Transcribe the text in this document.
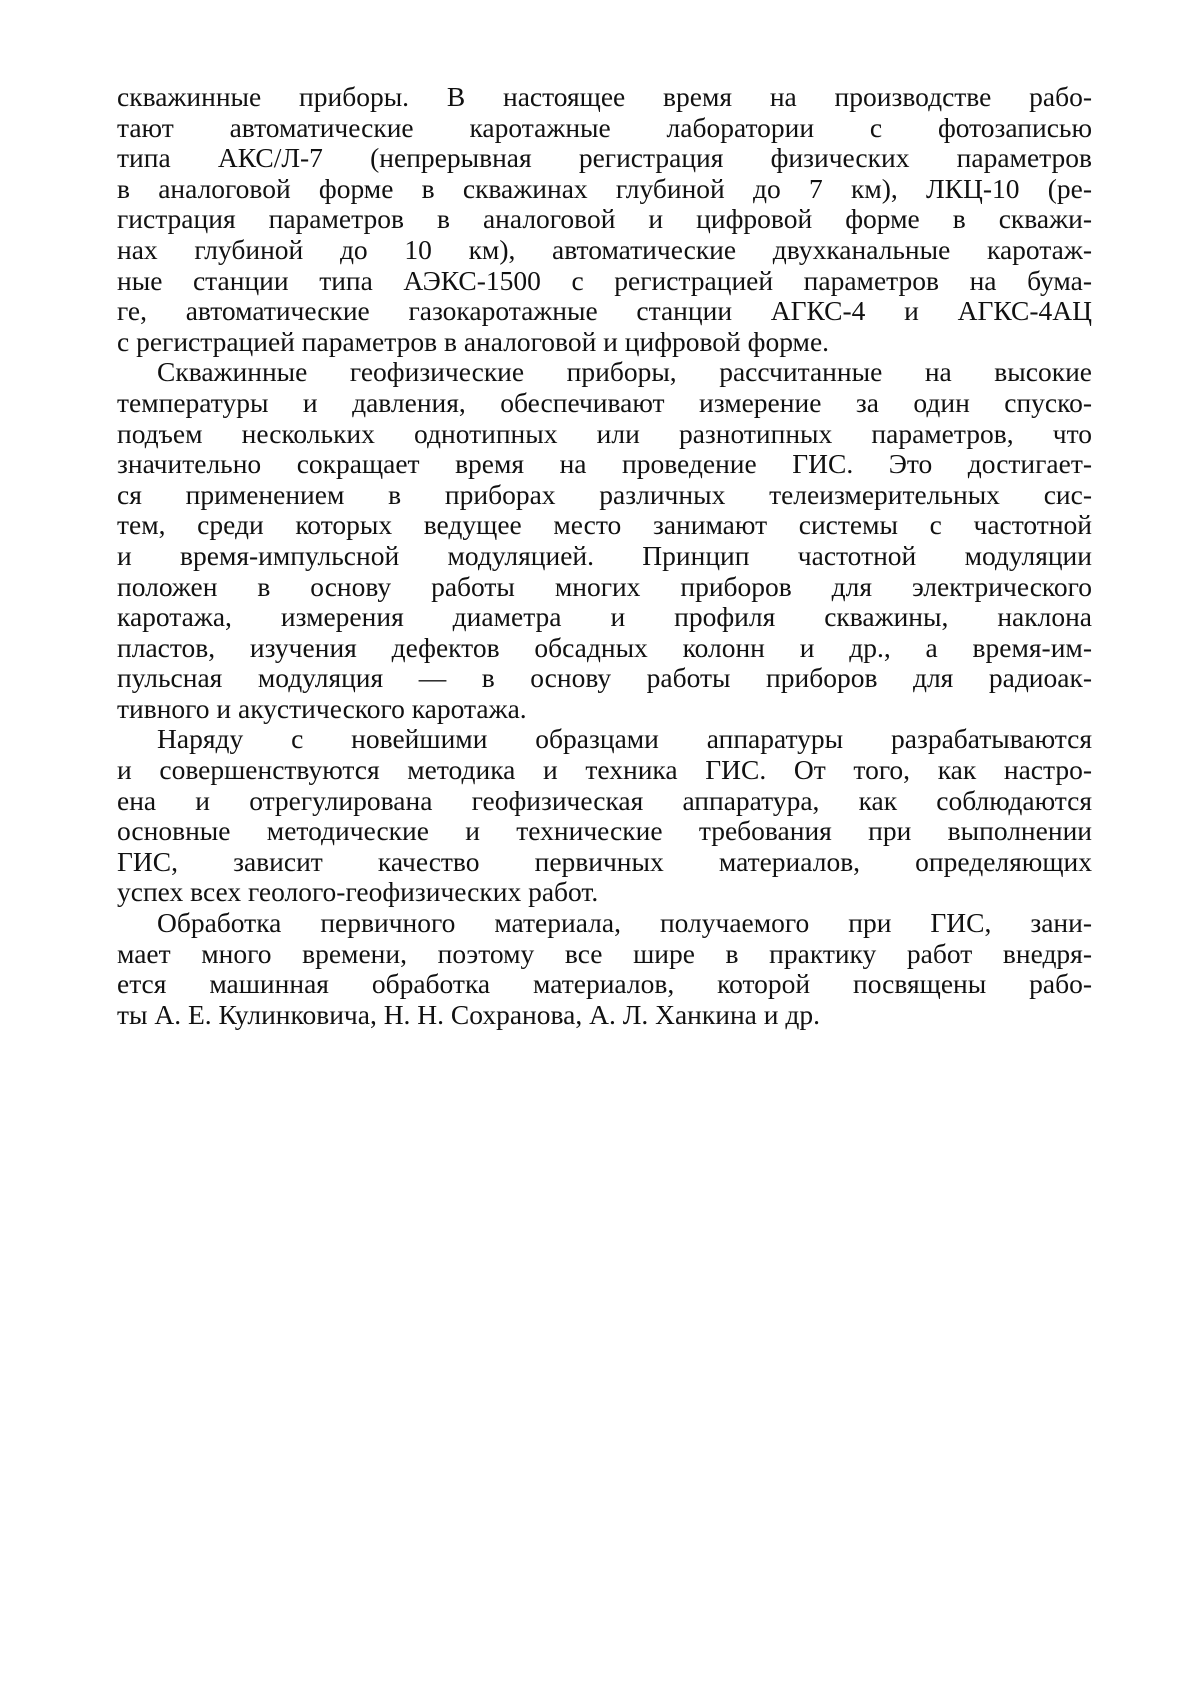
скважинные приборы. В настоящее время на производстве рабо-
тают автоматические каротажные лаборатории с фотозаписью
типа АКС/Л-7 (непрерывная регистрация физических параметров
в аналоговой форме в скважинах глубиной до 7 км), ЛКЦ-10 (ре-
гистрация параметров в аналоговой и цифровой форме в скважи-
нах глубиной до 10 км), автоматические двухканальные каротаж-
ные станции типа АЭКС-1500 с регистрацией параметров на бума-
ге, автоматические газокаротажные станции АГКС-4 и АГКС-4АЦ
с регистрацией параметров в аналоговой и цифровой форме.

Скважинные геофизические приборы, рассчитанные на высокие
температуры и давления, обеспечивают измерение за один спуско-
подъем нескольких однотипных или разнотипных параметров, что
значительно сокращает время на проведение ГИС. Это достигает-
ся применением в приборах различных телеизмерительных сис-
тем, среди которых ведущее место занимают системы с частотной
и время-импульсной модуляцией. Принцип частотной модуляции
положен в основу работы многих приборов для электрического
каротажа, измерения диаметра и профиля скважины, наклона
пластов, изучения дефектов обсадных колонн и др., а время-им-
пульсная модуляция — в основу работы приборов для радиоак-
тивного и акустического каротажа.

Наряду с новейшими образцами аппаратуры разрабатываются
и совершенствуются методика и техника ГИС. От того, как настро-
ена и отрегулирована геофизическая аппаратура, как соблюдаются
основные методические и технические требования при выполнении
ГИС, зависит качество первичных материалов, определяющих
успех всех геолого-геофизических работ.

Обработка первичного материала, получаемого при ГИС, зани-
мает много времени, поэтому все шире в практику работ внедря-
ется машинная обработка материалов, которой посвящены рабо-
ты А. Е. Кулинковича, Н. Н. Сохранова, А. Л. Ханкина и др.
